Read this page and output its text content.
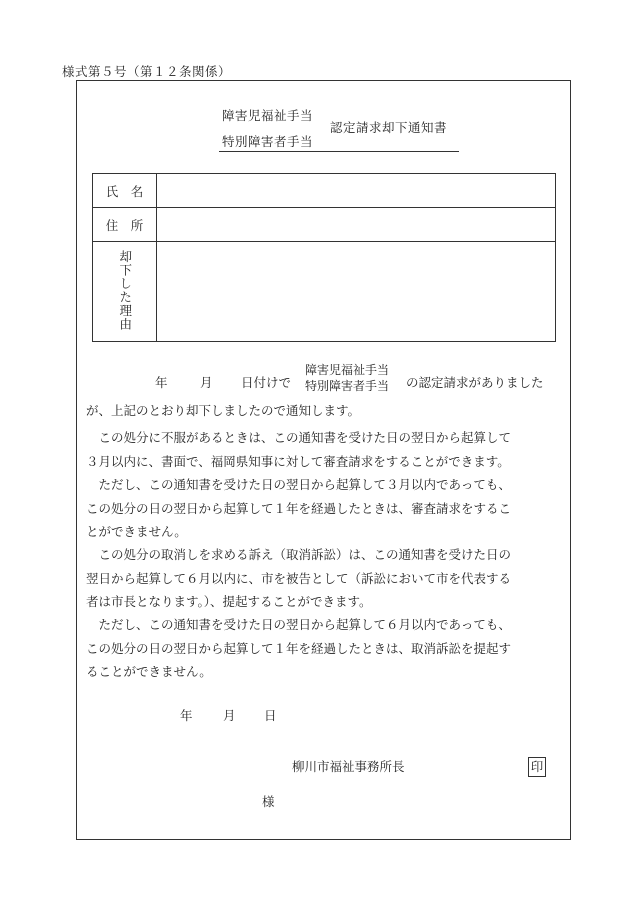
様式第５号（第１２条関係）
障害児福祉手当
特別障害者手当
認定請求却下通知書
氏　名	
住　所	
却下した理由	
年	月 日付けで
障害児福祉手当
特別障害者手当 の認定請求がありました
が、上記のとおり却下しましたので通知します。
　この処分に不服があるときは、この通知書を受けた日の翌日から起算して
３月以内に、書面で、福岡県知事に対して審査請求をすることができます。
　ただし、この通知書を受けた日の翌日から起算して３月以内であっても、
この処分の日の翌日から起算して１年を経過したときは、審査請求をするこ
とができません。
　この処分の取消しを求める訴え（取消訴訟）は、この通知書を受けた日の
翌日から起算して６月以内に、市を被告として（訴訟において市を代表する
者は市長となります。）、提起することができます。
　ただし、この通知書を受けた日の翌日から起算して６月以内であっても、
この処分の日の翌日から起算して１年を経過したときは、取消訴訟を提起す
ることができません。
年 月 日
柳川市福祉事務所長	印
様
